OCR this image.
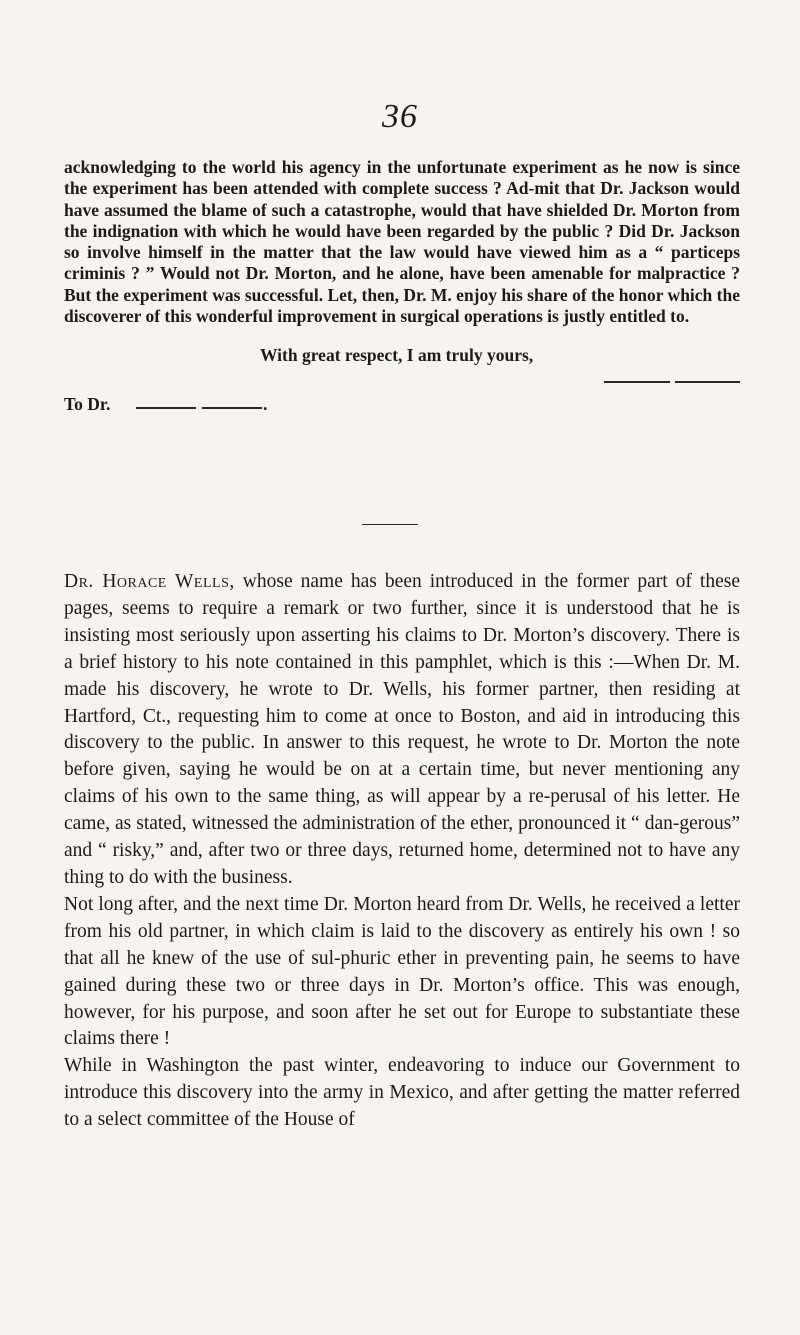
36

acknowledging to the world his agency in the unfortunate experiment as he now is since the experiment has been attended with complete success ? Ad-mit that Dr. Jackson would have assumed the blame of such a catastrophe, would that have shielded Dr. Morton from the indignation with which he would have been regarded by the public ? Did Dr. Jackson so involve himself in the matter that the law would have viewed him as a “ particeps criminis ? ” Would not Dr. Morton, and he alone, have been amenable for malpractice ? But the experiment was successful. Let, then, Dr. M. enjoy his share of the honor which the discoverer of this wonderful improvement in surgical operations is justly entitled to.

With great respect, I am truly yours,

To Dr.	.

Dr. Horace Wells, whose name has been introduced in the former part of these pages, seems to require a remark or two further, since it is understood that he is insisting most seriously upon asserting his claims to Dr. Morton’s discovery. There is a brief history to his note contained in this pamphlet, which is this :—When Dr. M. made his discovery, he wrote to Dr. Wells, his former partner, then residing at Hartford, Ct., requesting him to come at once to Boston, and aid in introducing this discovery to the public. In answer to this request, he wrote to Dr. Morton the note before given, saying he would be on at a certain time, but never mentioning any claims of his own to the same thing, as will appear by a re-perusal of his letter. He came, as stated, witnessed the administration of the ether, pronounced it “ dan-gerous” and “ risky,” and, after two or three days, returned home, determined not to have any thing to do with the business.

Not long after, and the next time Dr. Morton heard from Dr. Wells, he received a letter from his old partner, in which claim is laid to the discovery as entirely his own ! so that all he knew of the use of sul-phuric ether in preventing pain, he seems to have gained during these two or three days in Dr. Morton’s office. This was enough, however, for his purpose, and soon after he set out for Europe to substantiate these claims there !

While in Washington the past winter, endeavoring to induce our Government to introduce this discovery into the army in Mexico, and after getting the matter referred to a select committee of the House of
